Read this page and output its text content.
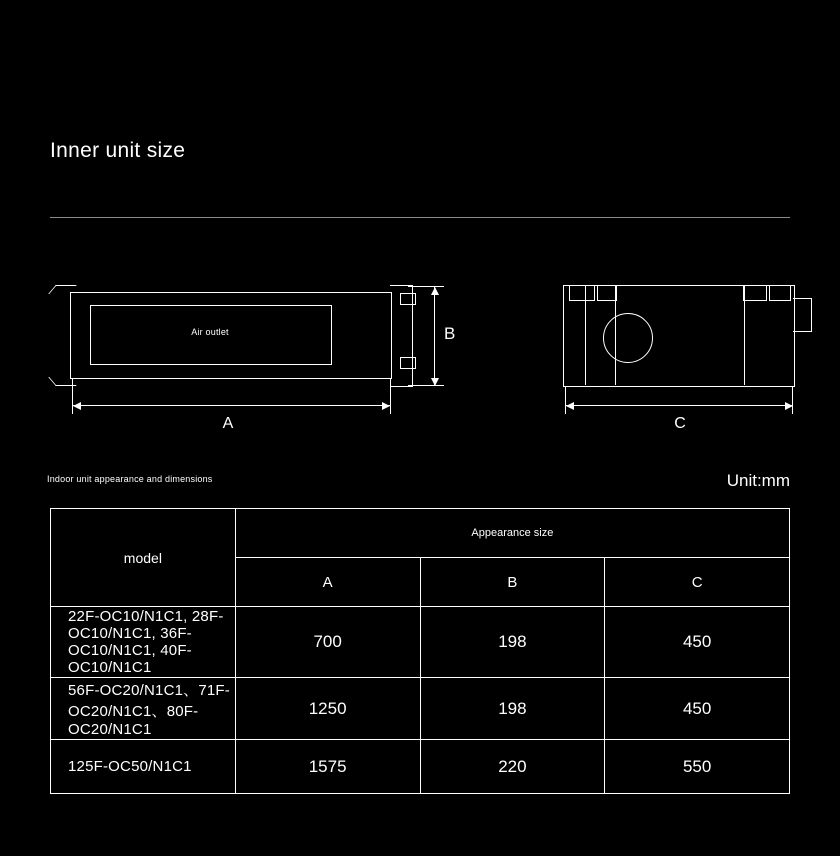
Inner unit size
Air outlet
A
B
C
Indoor unit appearance and dimensions	Unit:mm
model	Appearance size		
	A	B	C
22F-OC10/N1C1, 28F-OC10/N1C1, 36F-OC10/N1C1, 40F-OC10/N1C1	700	198	450
56F-OC20/N1C1、71F-OC20/N1C1、80F-OC20/N1C1	1250	198	450
125F-OC50/N1C1	1575	220	550
